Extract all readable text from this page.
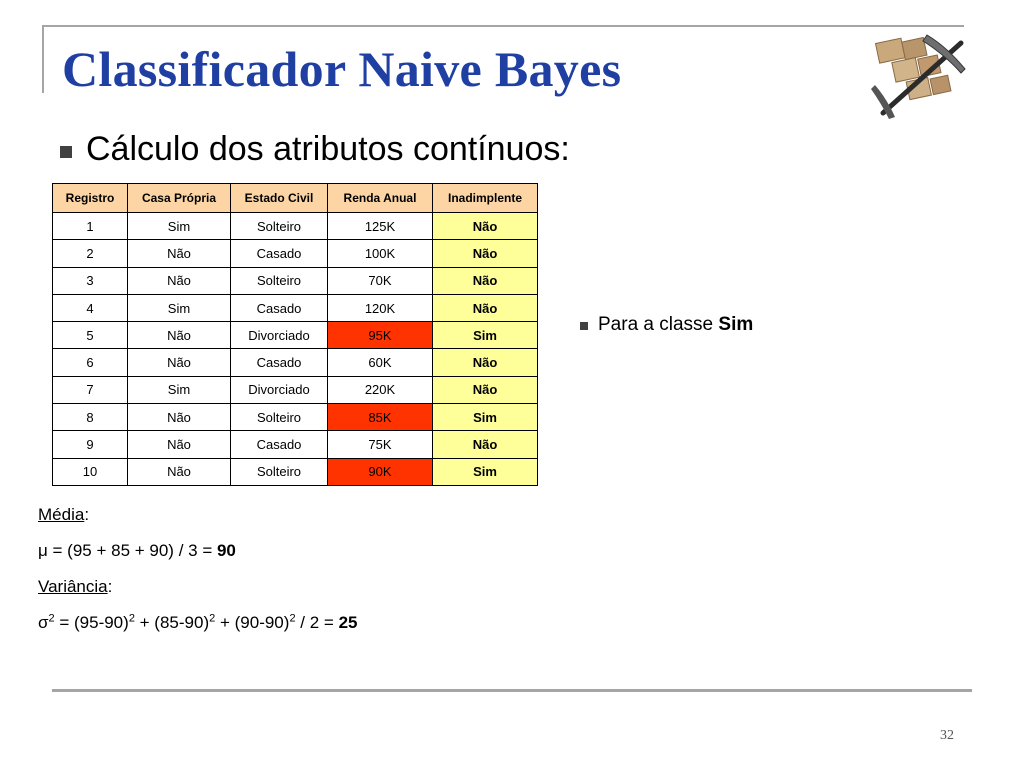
Classificador Naive Bayes
Cálculo dos atributos contínuos:
Registro	Casa Própria	Estado Civil	Renda Anual	Inadimplente
1	Sim	Solteiro	125K	Não
2	Não	Casado	100K	Não
3	Não	Solteiro	70K	Não
4	Sim	Casado	120K	Não
5	Não	Divorciado	95K	Sim
6	Não	Casado	60K	Não
7	Sim	Divorciado	220K	Não
8	Não	Solteiro	85K	Sim
9	Não	Casado	75K	Não
10	Não	Solteiro	90K	Sim
Para a classe Sim
Média:
μ = (95 + 85 + 90) / 3 = 90
Variância:
$\sigma^2 = (95-90)^2 + (85-90)^2 + (90-90)^2 / 2 = 25$
32
